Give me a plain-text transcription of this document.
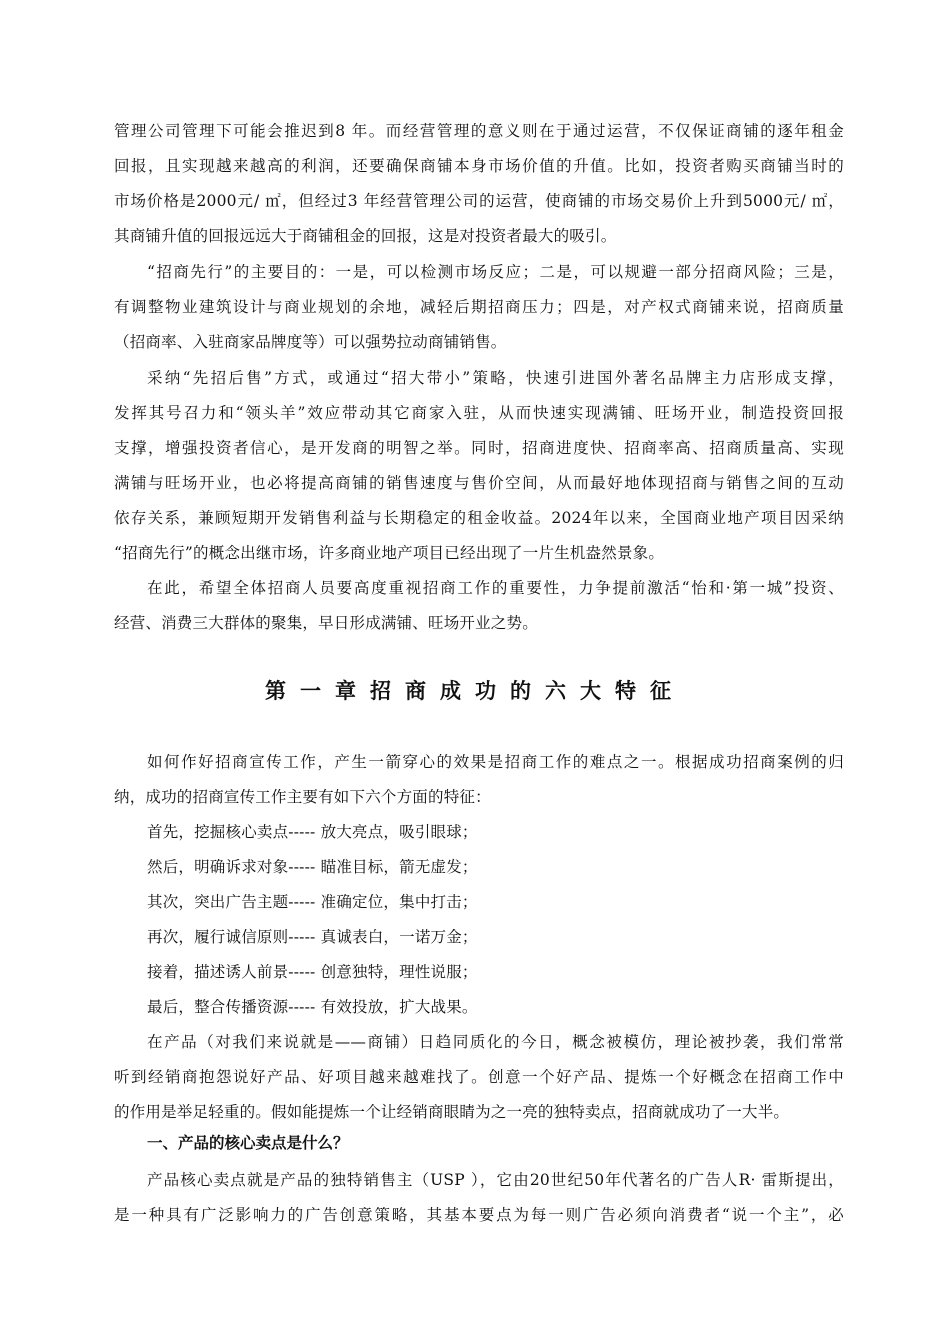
管理公司管理下可能会推迟到8 年。而经营管理的意义则在于通过运营，不仅保证商铺的逐年租金
回报，且实现越来越高的利润，还要确保商铺本身市场价值的升值。比如，投资者购买商铺当时的
市场价格是2000元/ ㎡，但经过3 年经营管理公司的运营，使商铺的市场交易价上升到5000元/ ㎡，
其商铺升值的回报远远大于商铺租金的回报，这是对投资者最大的吸引。
“招商先行”的主要目的：一是，可以检测市场反应；二是，可以规避一部分招商风险；三是，
有调整物业建筑设计与商业规划的余地，减轻后期招商压力；四是，对产权式商铺来说，招商质量
（招商率、入驻商家品牌度等）可以强势拉动商铺销售。
采纳“先招后售”方式，或通过“招大带小”策略，快速引进国外著名品牌主力店形成支撑，
发挥其号召力和“领头羊”效应带动其它商家入驻，从而快速实现满铺、旺场开业，制造投资回报
支撑，增强投资者信心，是开发商的明智之举。同时，招商进度快、招商率高、招商质量高、实现
满铺与旺场开业，也必将提高商铺的销售速度与售价空间，从而最好地体现招商与销售之间的互动
依存关系，兼顾短期开发销售利益与长期稳定的租金收益。2024年以来，全国商业地产项目因采纳
“招商先行”的概念出继市场，许多商业地产项目已经出现了一片生机盎然景象。
在此，希望全体招商人员要高度重视招商工作的重要性，力争提前激活“怡和·第一城”投资、
经营、消费三大群体的聚集，早日形成满铺、旺场开业之势。
第一章招商成功的六大特征
如何作好招商宣传工作，产生一箭穿心的效果是招商工作的难点之一。根据成功招商案例的归
纳，成功的招商宣传工作主要有如下六个方面的特征：
首先，挖掘核心卖点----- 放大亮点，吸引眼球；
然后，明确诉求对象----- 瞄准目标，箭无虚发；
其次，突出广告主题----- 准确定位，集中打击；
再次，履行诚信原则----- 真诚表白，一诺万金；
接着，描述诱人前景----- 创意独特，理性说服；
最后，整合传播资源----- 有效投放，扩大战果。
在产品（对我们来说就是——商铺）日趋同质化的今日，概念被模仿，理论被抄袭，我们常常
听到经销商抱怨说好产品、好项目越来越难找了。创意一个好产品、提炼一个好概念在招商工作中
的作用是举足轻重的。假如能提炼一个让经销商眼睛为之一亮的独特卖点，招商就成功了一大半。
一、产品的核心卖点是什么？
产品核心卖点就是产品的独特销售主（USP ），它由20世纪50年代著名的广告人R· 雷斯提出，
是一种具有广泛影响力的广告创意策略，其基本要点为每一则广告必须向消费者“说一个主”，必
